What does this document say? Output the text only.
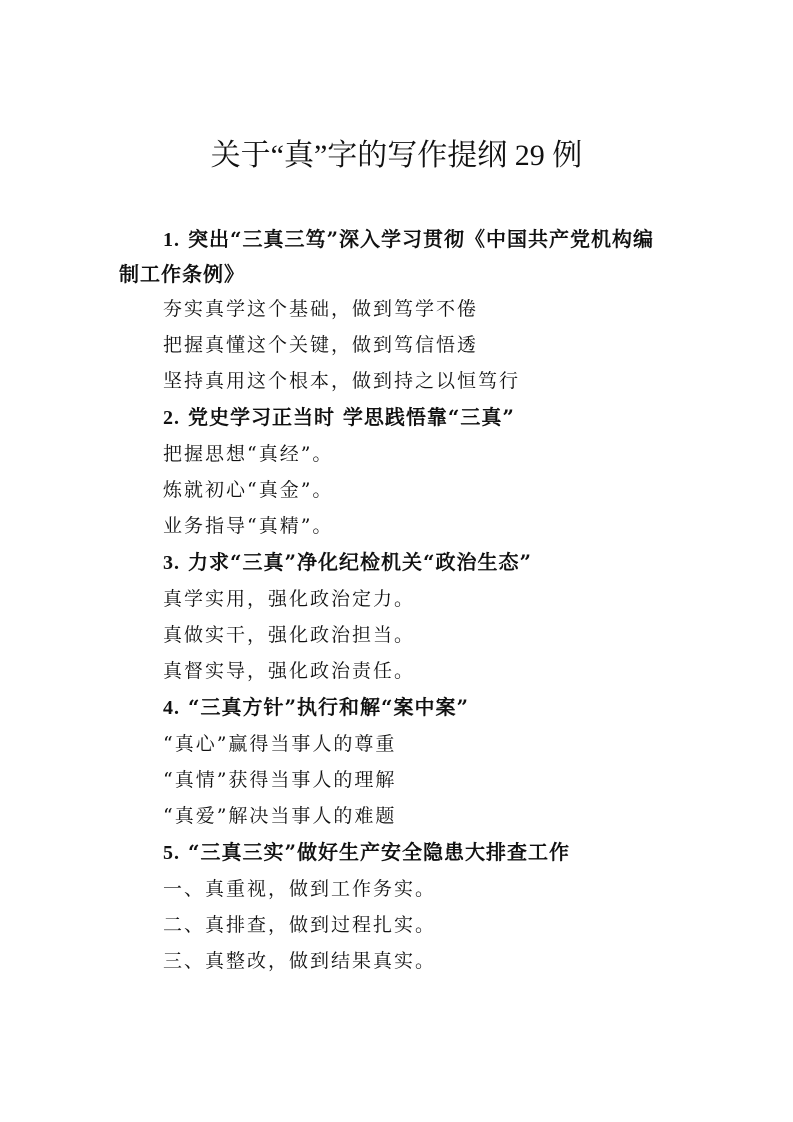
关于“真”字的写作提纲 29 例
1. 突出“三真三笃”深入学习贯彻《中国共产党机构编
制工作条例》
夯实真学这个基础，做到笃学不倦
把握真懂这个关键，做到笃信悟透
坚持真用这个根本，做到持之以恒笃行
2. 党史学习正当时 学思践悟靠“三真”
把握思想“真经”。
炼就初心“真金”。
业务指导“真精”。
3. 力求“三真”净化纪检机关“政治生态”
真学实用，强化政治定力。
真做实干，强化政治担当。
真督实导，强化政治责任。
4. “三真方针”执行和解“案中案”
“真心”赢得当事人的尊重
“真情”获得当事人的理解
“真爱”解决当事人的难题
5. “三真三实”做好生产安全隐患大排查工作
一、真重视，做到工作务实。
二、真排查，做到过程扎实。
三、真整改，做到结果真实。
